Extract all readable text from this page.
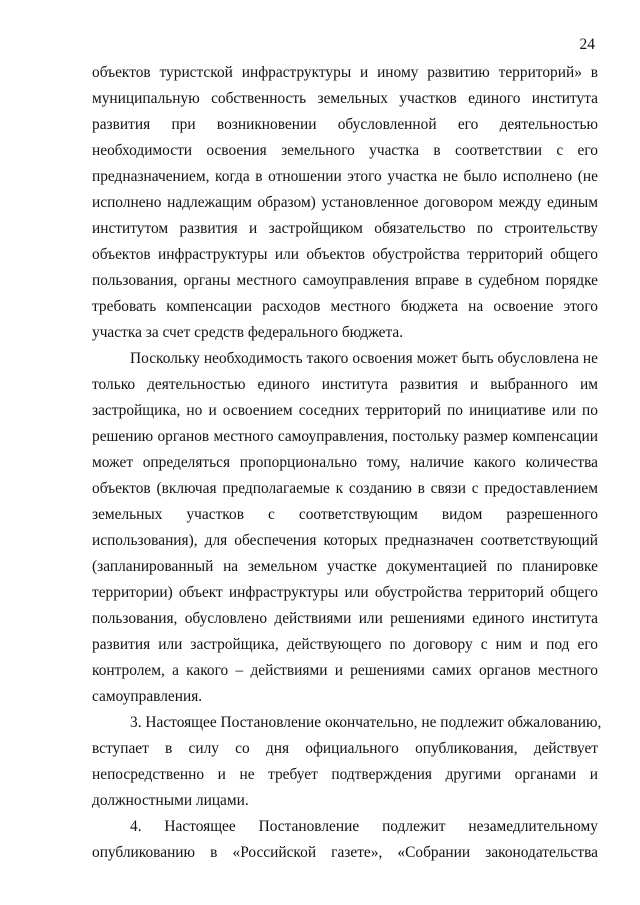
24

объектов туристской инфраструктуры и иному развитию территорий» в
муниципальную собственность земельных участков единого института
развития при возникновении обусловленной его деятельностью
необходимости освоения земельного участка в соответствии с его
предназначением, когда в отношении этого участка не было исполнено (не
исполнено надлежащим образом) установленное договором между единым
институтом развития и застройщиком обязательство по строительству
объектов инфраструктуры или объектов обустройства территорий общего
пользования, органы местного самоуправления вправе в судебном порядке
требовать компенсации расходов местного бюджета на освоение этого
участка за счет средств федерального бюджета.

Поскольку необходимость такого освоения может быть обусловлена не
только деятельностью единого института развития и выбранного им
застройщика, но и освоением соседних территорий по инициативе или по
решению органов местного самоуправления, постольку размер компенсации
может определяться пропорционально тому, наличие какого количества
объектов (включая предполагаемые к созданию в связи с предоставлением
земельных участков с соответствующим видом разрешенного
использования), для обеспечения которых предназначен соответствующий
(запланированный на земельном участке документацией по планировке
территории) объект инфраструктуры или обустройства территорий общего
пользования, обусловлено действиями или решениями единого института
развития или застройщика, действующего по договору с ним и под его
контролем, а какого – действиями и решениями самих органов местного
самоуправления.

3. Настоящее Постановление окончательно, не подлежит обжалованию,
вступает в силу со дня официального опубликования, действует
непосредственно и не требует подтверждения другими органами и
должностными лицами.

4. Настоящее Постановление подлежит незамедлительному
опубликованию в «Российской газете», «Собрании законодательства
